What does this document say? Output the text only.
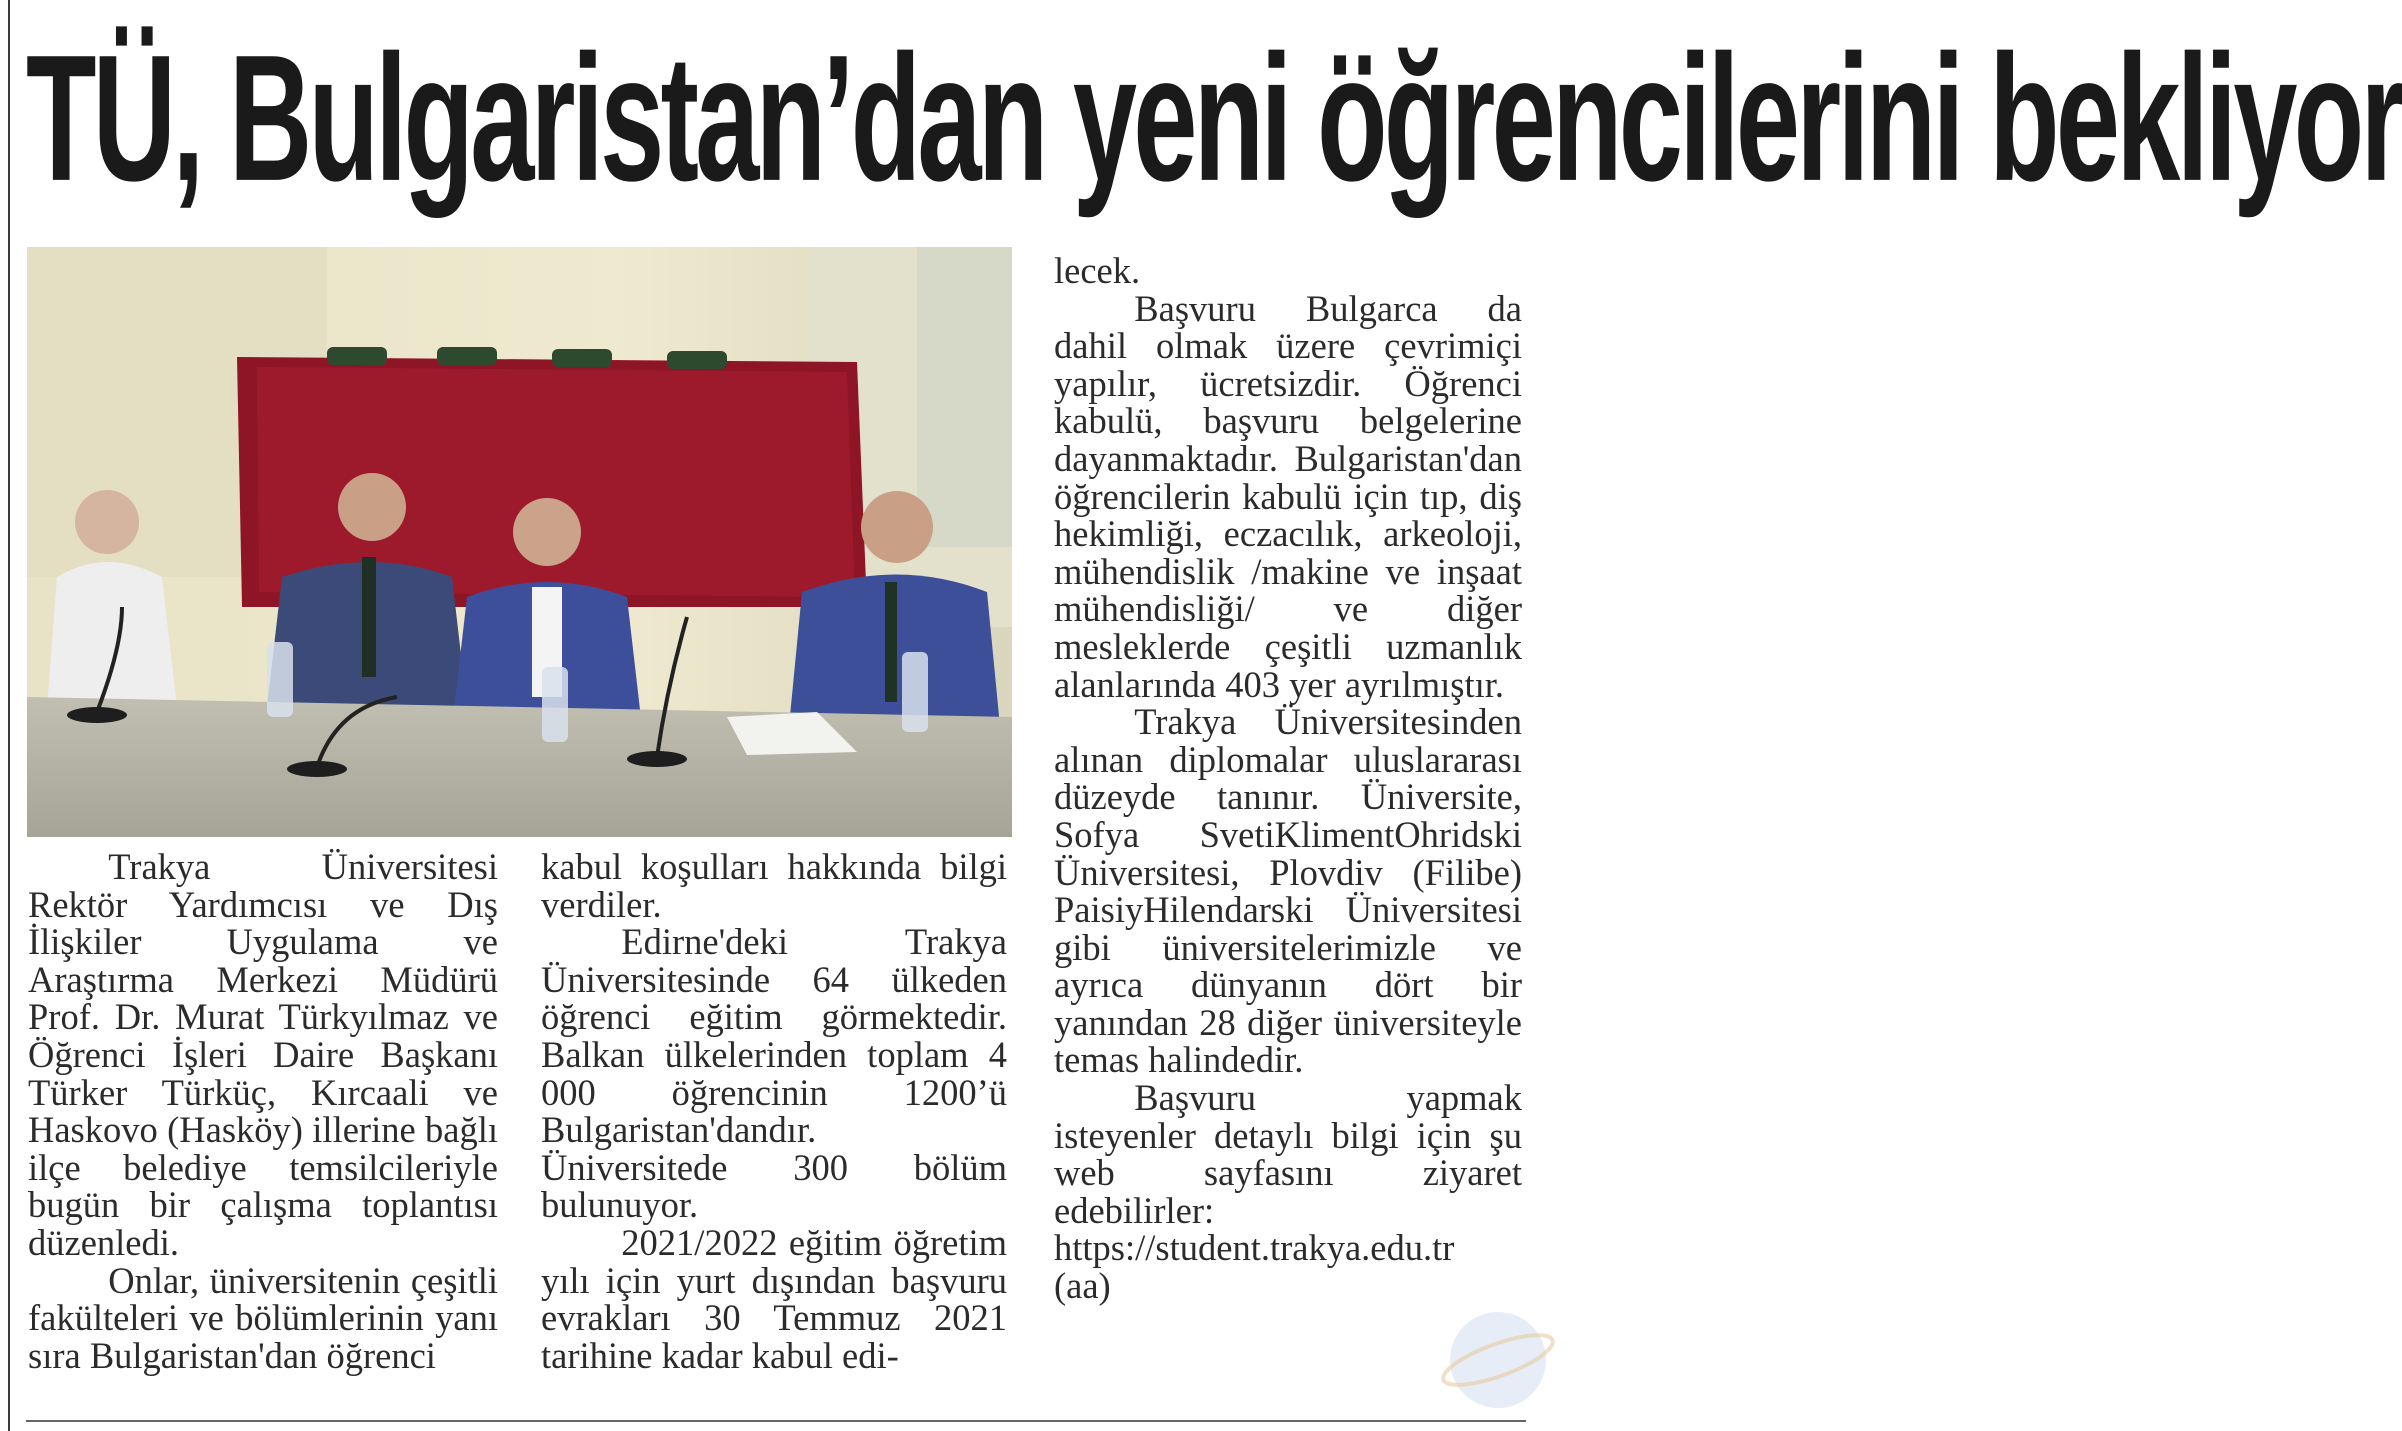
TÜ, Bulgaristan’dan yeni öğrencilerini bekliyor

Trakya Üniversitesi Rektör Yardımcısı ve Dış İlişkiler Uygulama ve Araştırma Merkezi Müdürü Prof. Dr. Murat Türkyılmaz ve Öğrenci İşleri Daire Başkanı Türker Türküç, Kırcaali ve Haskovo (Hasköy) illerine bağlı ilçe belediye temsilcileriyle bugün bir çalışma toplantısı düzenledi.

Onlar, üniversitenin çeşitli fakülteleri ve bölümlerinin yanı sıra Bulgaristan'dan öğrenci

kabul koşulları hakkında bilgi verdiler.

Edirne'deki Trakya Üniversitesinde 64 ülkeden öğrenci eğitim görmektedir. Balkan ülkelerinden toplam 4 000 öğrencinin 1200’ü Bulgaristan'dandır. Üniversitede 300 bölüm bulunuyor.

2021/2022 eğitim öğretim yılı için yurt dışından başvuru evrakları 30 Temmuz 2021 tarihine kadar kabul edi-

lecek.

Başvuru Bulgarca da dahil olmak üzere çevrimiçi yapılır, ücretsizdir. Öğrenci kabulü, başvuru belgelerine dayanmaktadır. Bulgaristan'dan öğrencilerin kabulü için tıp, diş hekimliği, eczacılık, arkeoloji, mühendislik /makine ve inşaat mühendisliği/ ve diğer mesleklerde çeşitli uzmanlık alanlarında 403 yer ayrılmıştır.

Trakya Üniversitesinden alınan diplomalar uluslararası düzeyde tanınır. Üniversite, Sofya SvetiKlimentOhridski Üniversitesi, Plovdiv (Filibe) PaisiyHilendarski Üniversitesi gibi üniversitelerimizle ve ayrıca dünyanın dört bir yanından 28 diğer üniversiteyle temas halindedir.

Başvuru yapmak isteyenler detaylı bilgi için şu web sayfasını ziyaret edebilirler:

https://student.trakya.edu.tr

(aa)
